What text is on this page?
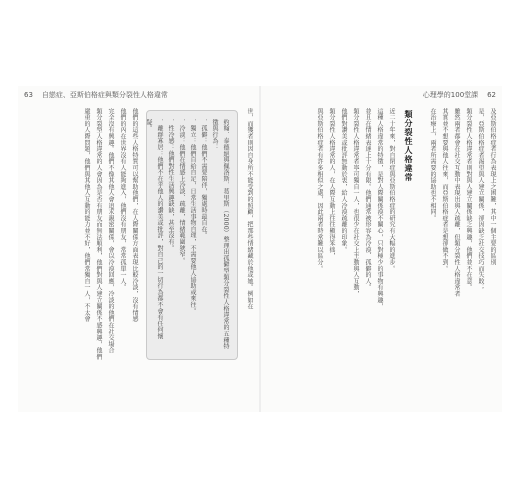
63 自戀症、亞斯伯格症與類分裂性人格違常
世，而獲者則因自身所不能受到的照顧，把那些情緒藏於他或她。例如在
約翰．泰德絕與佩洛斯．葛里斯（2000）整理出孤僻型類分裂性人格違常的五種特
徵與行為：
．孤僻：他們不需要陪伴，獨處時最自在。
．獨立：他們自給自足，日常生活事物自理，不需要他人協助或來往。
．冷淡：他們在情感上冷淡、疏離，情緒範圍狹窄。
．性冷感：他們對性生活興趣缺缺，甚至沒有。
．離群寡居：他們不在乎他人的讚美或批評，對自己的一切行為都不會有任何懷疑。
他們的這些人格特質可以幫助他們，在人際關係方面表現比較冷淡，沒有情感
他們的內在世界沒有人能夠進入，他們沒有朋友，常常孤單一人。
完全沒有興趣。他們不像其他人會追求親密關係，會以冷漠回應，冷淡的他們在社交場合
類分裂型人格違常的人會因為是否有朋友而無法順利，他們對與人建立關係不感興趣，他們
嚴重的人際問題，他們與其他人互動的能力並不好，他們常獨自一人，不太會
心理學的100堂課 62
及亞斯伯格症者行為表現上之困難，其中一個主要的區別
是，亞斯伯格症者渴望與人建立關係，卻因缺乏社交技巧而失敗；
類分裂性人格違常者則對與人建立關係缺乏興趣，他們並不在意。
雖然兩者都會在社交互動中表現出與人疏離，但類分裂性人格違常者
其實並不想要與他人往來，而亞斯伯格症者是想卻做不到。
在治療上，兩者所需要的協助也不相同。
類分裂性人格違常
近二十年來，對自閉症與亞斯伯格症的研究有大幅的進步。
這種人格違常的特徵，是對人際關係漠不關心，只對極少的事物有興趣，
並且在情緒表達上十分有限。他們通常被形容為冷漠、孤僻的人。
類分裂性人格違常者寧可獨自一人，也很少在社交上主動與人互動，
他們對讚美或批評無動於衷，給人冷漠疏離的印象。
類分裂性人格違常的人，在人際互動上往往顯得笨拙，
與亞斯伯格症者有許多相似之處，因此兩者時常難以區分。
